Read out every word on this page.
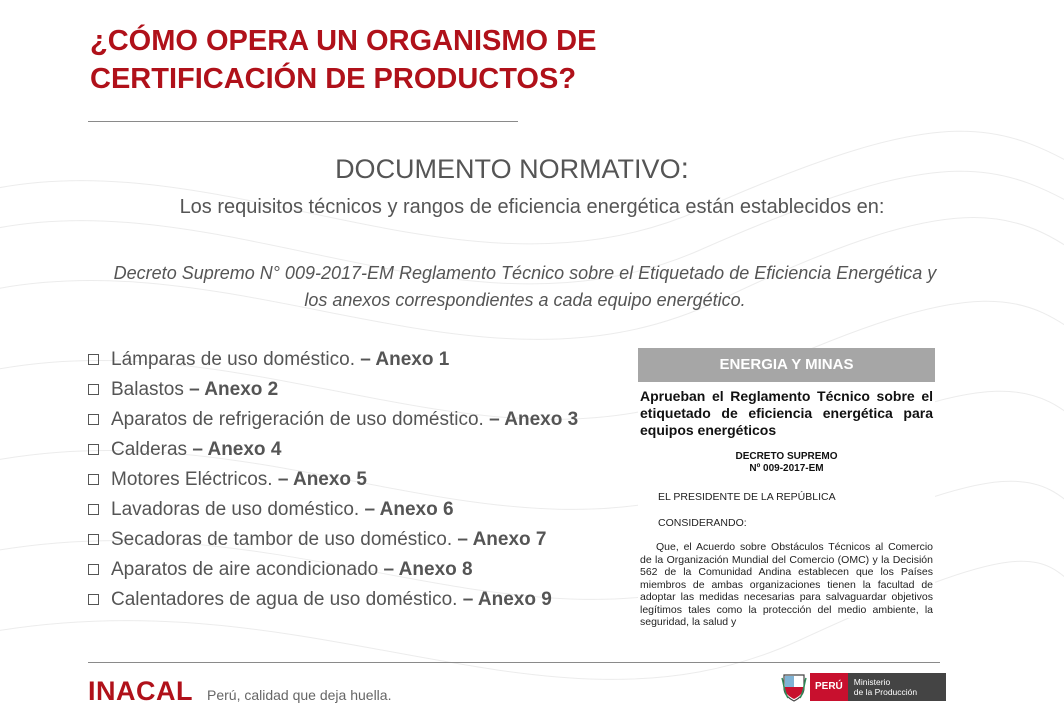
¿CÓMO OPERA UN ORGANISMO DE CERTIFICACIÓN DE PRODUCTOS?
DOCUMENTO NORMATIVO:
Los requisitos técnicos y rangos de eficiencia energética están establecidos en:
Decreto Supremo N° 009-2017-EM Reglamento Técnico sobre el Etiquetado de Eficiencia Energética y los anexos correspondientes a cada equipo energético.
Lámparas de uso doméstico. – Anexo 1
Balastos – Anexo 2
Aparatos de refrigeración de uso doméstico. – Anexo 3
Calderas – Anexo 4
Motores Eléctricos. – Anexo 5
Lavadoras de uso doméstico. – Anexo 6
Secadoras de tambor de uso doméstico. – Anexo 7
Aparatos de aire acondicionado – Anexo 8
Calentadores de agua de uso doméstico. – Anexo 9
ENERGIA Y MINAS
Aprueban el Reglamento Técnico sobre el etiquetado de eficiencia energética para equipos energéticos
DECRETO SUPREMO
Nº 009-2017-EM
EL PRESIDENTE DE LA REPÚBLICA
CONSIDERANDO:
Que, el Acuerdo sobre Obstáculos Técnicos al Comercio de la Organización Mundial del Comercio (OMC) y la Decisión 562 de la Comunidad Andina establecen que los Países miembros de ambas organizaciones tienen la facultad de adoptar las medidas necesarias para salvaguardar objetivos legítimos tales como la protección del medio ambiente, la seguridad, la salud y
INACAL Perú, calidad que deja huella.
PERÚ	Ministerio
de la Producción
